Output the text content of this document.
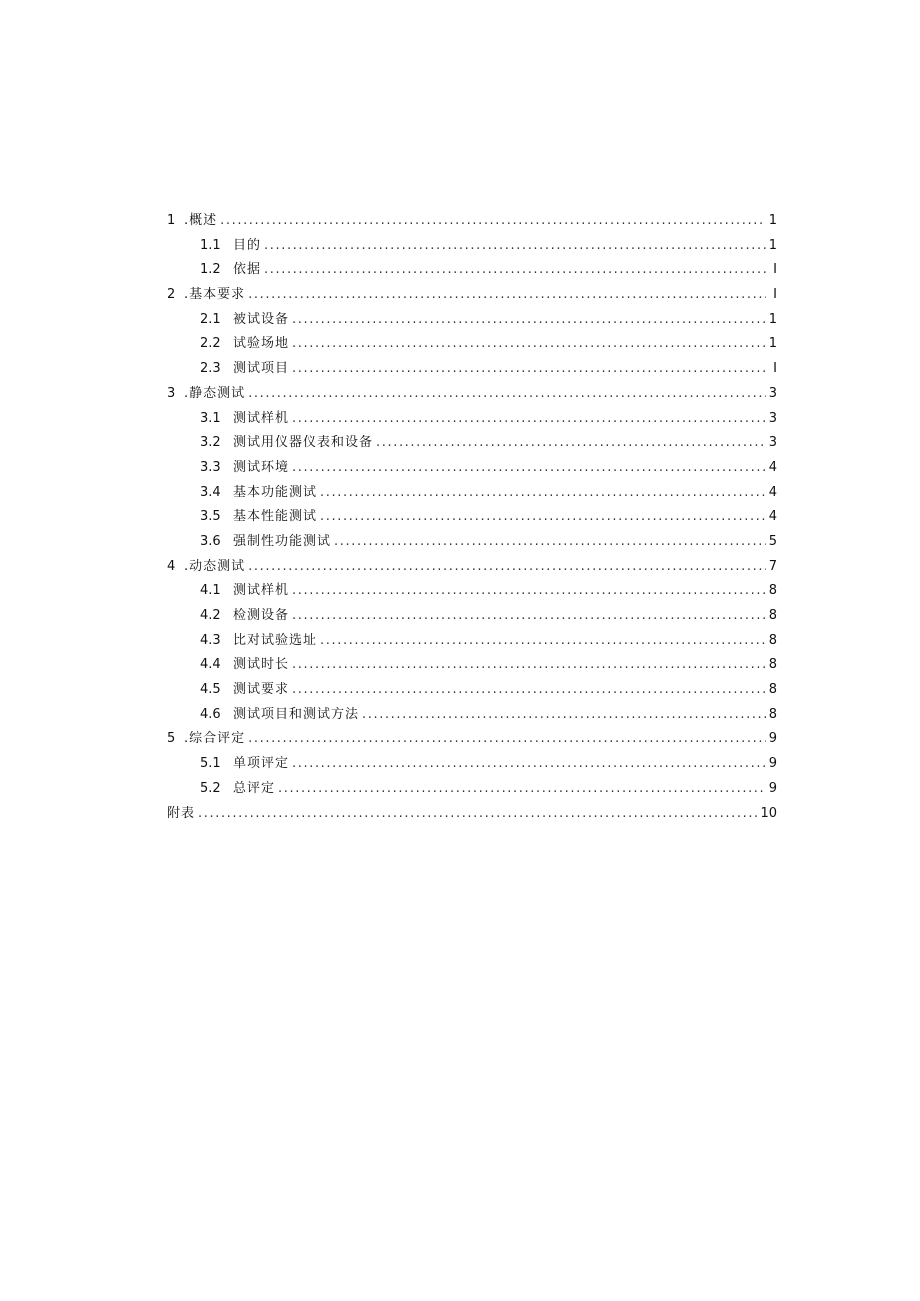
1 .概述 .....	1
1.1 目的 .....	1
1.2 依据 .....	I
2 .基本要求 .....	I
2.1 被试设备 .....	1
2.2 试验场地 .....	1
2.3 测试项目 .....	I
3 .静态测试 .....	3
3.1 测试样机 .....	3
3.2 测试用仪器仪表和设备 .....	3
3.3 测试环境 .....	4
3.4 基本功能测试 .....	4
3.5 基本性能测试 .....	4
3.6 强制性功能测试 .....	5
4 .动态测试 .....	7
4.1 测试样机 .....	8
4.2 检测设备 .....	8
4.3 比对试验选址 .....	8
4.4 测试时长 .....	8
4.5 测试要求 .....	8
4.6 测试项目和测试方法 .....	8
5 .综合评定 .....	9
5.1 单项评定 .....	9
5.2 总评定 .....	9
附表 .....	10
